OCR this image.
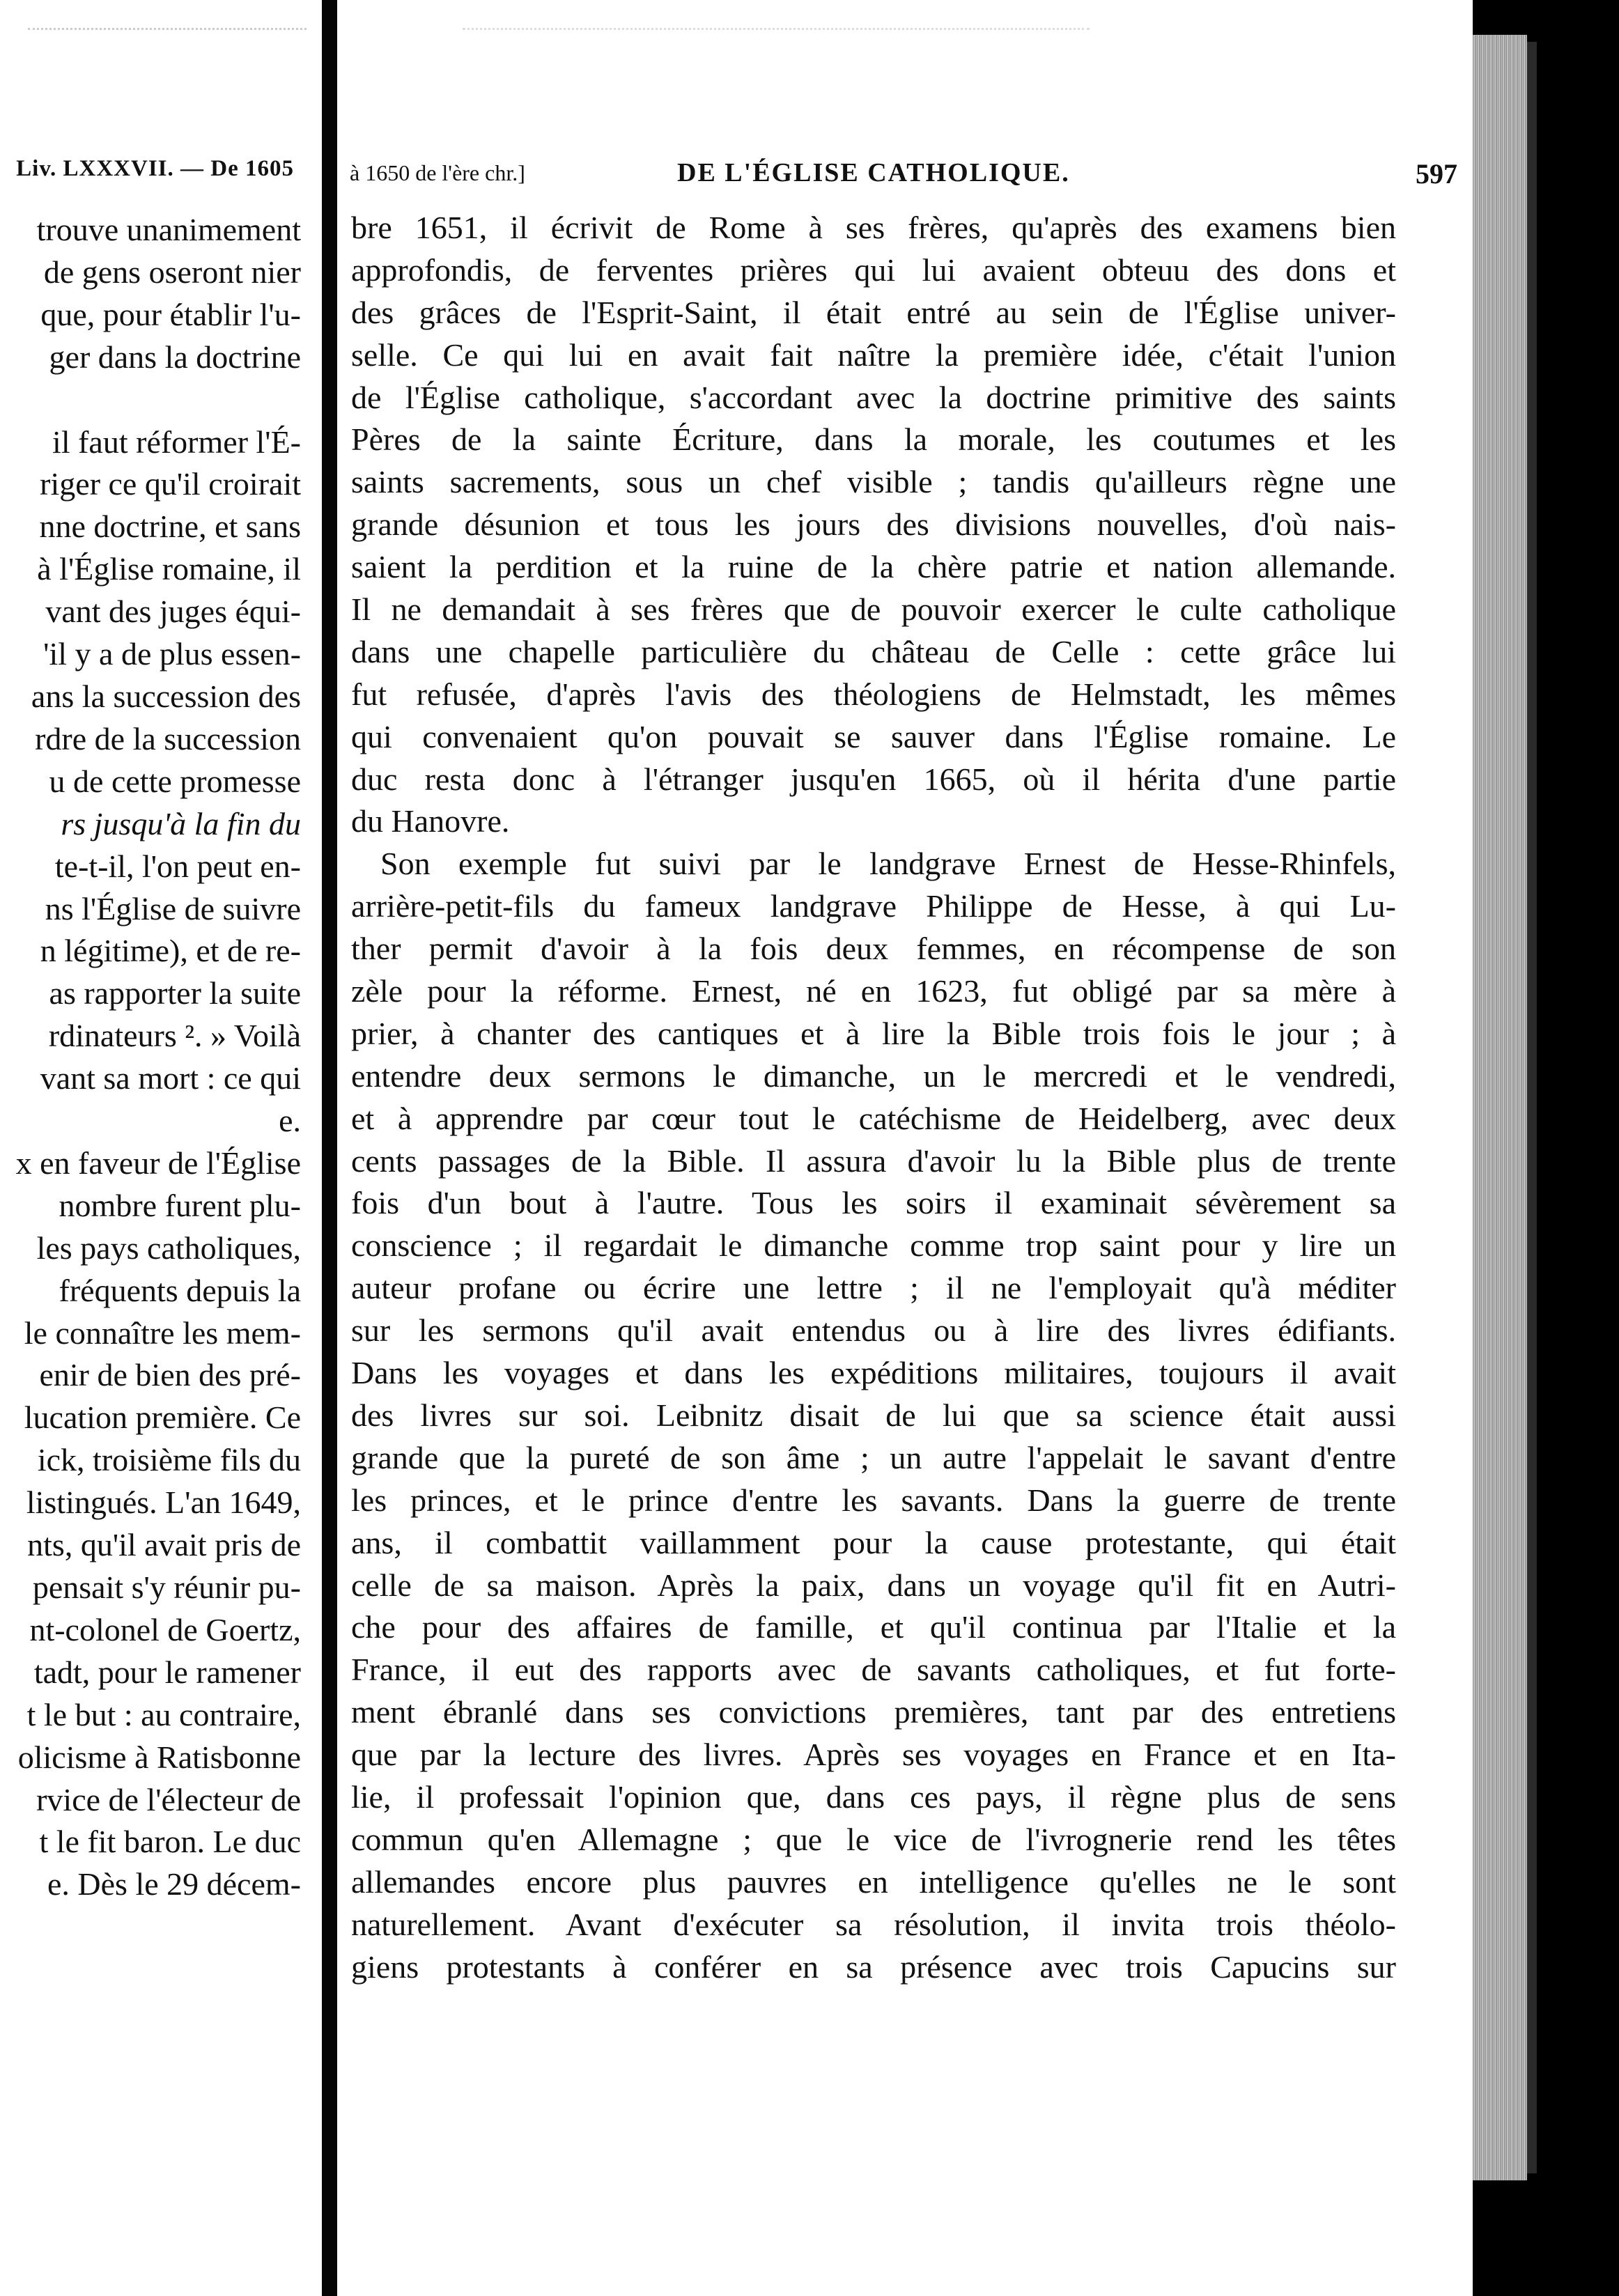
Liv. LXXXVII. — De 1605
trouve unanimement
de gens oseront nier
que, pour établir l'u-
ger dans la doctrine

il faut réformer l'É-
riger ce qu'il croirait
nne doctrine, et sans
à l'Église romaine, il
vant des juges équi-
'il y a de plus essen-
ans la succession des
rdre de la succession
u de cette promesse
rs jusqu'à la fin du
te-t-il, l'on peut en-
ns l'Église de suivre
n légitime), et de re-
as rapporter la suite
rdinateurs ². » Voilà
vant sa mort : ce qui
e.
x en faveur de l'Église
nombre furent plu-
les pays catholiques,
fréquents depuis la
le connaître les mem-
enir de bien des pré-
lucation première. Ce
ick, troisième fils du
listingués. L'an 1649,
nts, qu'il avait pris de
pensait s'y réunir pu-
nt-colonel de Goertz,
tadt, pour le ramener
t le but : au contraire,
olicisme à Ratisbonne
rvice de l'électeur de
t le fit baron. Le duc
e. Dès le 29 décem-
à 1650 de l'ère chr.]	DE L'ÉGLISE CATHOLIQUE.	597
bre 1651, il écrivit de Rome à ses frères, qu'après des examens bien
approfondis, de ferventes prières qui lui avaient obteuu des dons et
des grâces de l'Esprit-Saint, il était entré au sein de l'Église univer-
selle. Ce qui lui en avait fait naître la première idée, c'était l'union
de l'Église catholique, s'accordant avec la doctrine primitive des saints
Pères de la sainte Écriture, dans la morale, les coutumes et les
saints sacrements, sous un chef visible ; tandis qu'ailleurs règne une
grande désunion et tous les jours des divisions nouvelles, d'où nais-
saient la perdition et la ruine de la chère patrie et nation allemande.
Il ne demandait à ses frères que de pouvoir exercer le culte catholique
dans une chapelle particulière du château de Celle : cette grâce lui
fut refusée, d'après l'avis des théologiens de Helmstadt, les mêmes
qui convenaient qu'on pouvait se sauver dans l'Église romaine. Le
duc resta donc à l'étranger jusqu'en 1665, où il hérita d'une partie
du Hanovre.
Son exemple fut suivi par le landgrave Ernest de Hesse-Rhinfels,
arrière-petit-fils du fameux landgrave Philippe de Hesse, à qui Lu-
ther permit d'avoir à la fois deux femmes, en récompense de son
zèle pour la réforme. Ernest, né en 1623, fut obligé par sa mère à
prier, à chanter des cantiques et à lire la Bible trois fois le jour ; à
entendre deux sermons le dimanche, un le mercredi et le vendredi,
et à apprendre par cœur tout le catéchisme de Heidelberg, avec deux
cents passages de la Bible. Il assura d'avoir lu la Bible plus de trente
fois d'un bout à l'autre. Tous les soirs il examinait sévèrement sa
conscience ; il regardait le dimanche comme trop saint pour y lire un
auteur profane ou écrire une lettre ; il ne l'employait qu'à méditer
sur les sermons qu'il avait entendus ou à lire des livres édifiants.
Dans les voyages et dans les expéditions militaires, toujours il avait
des livres sur soi. Leibnitz disait de lui que sa science était aussi
grande que la pureté de son âme ; un autre l'appelait le savant d'entre
les princes, et le prince d'entre les savants. Dans la guerre de trente
ans, il combattit vaillamment pour la cause protestante, qui était
celle de sa maison. Après la paix, dans un voyage qu'il fit en Autri-
che pour des affaires de famille, et qu'il continua par l'Italie et la
France, il eut des rapports avec de savants catholiques, et fut forte-
ment ébranlé dans ses convictions premières, tant par des entretiens
que par la lecture des livres. Après ses voyages en France et en Ita-
lie, il professait l'opinion que, dans ces pays, il règne plus de sens
commun qu'en Allemagne ; que le vice de l'ivrognerie rend les têtes
allemandes encore plus pauvres en intelligence qu'elles ne le sont
naturellement. Avant d'exécuter sa résolution, il invita trois théolo-
giens protestants à conférer en sa présence avec trois Capucins sur
